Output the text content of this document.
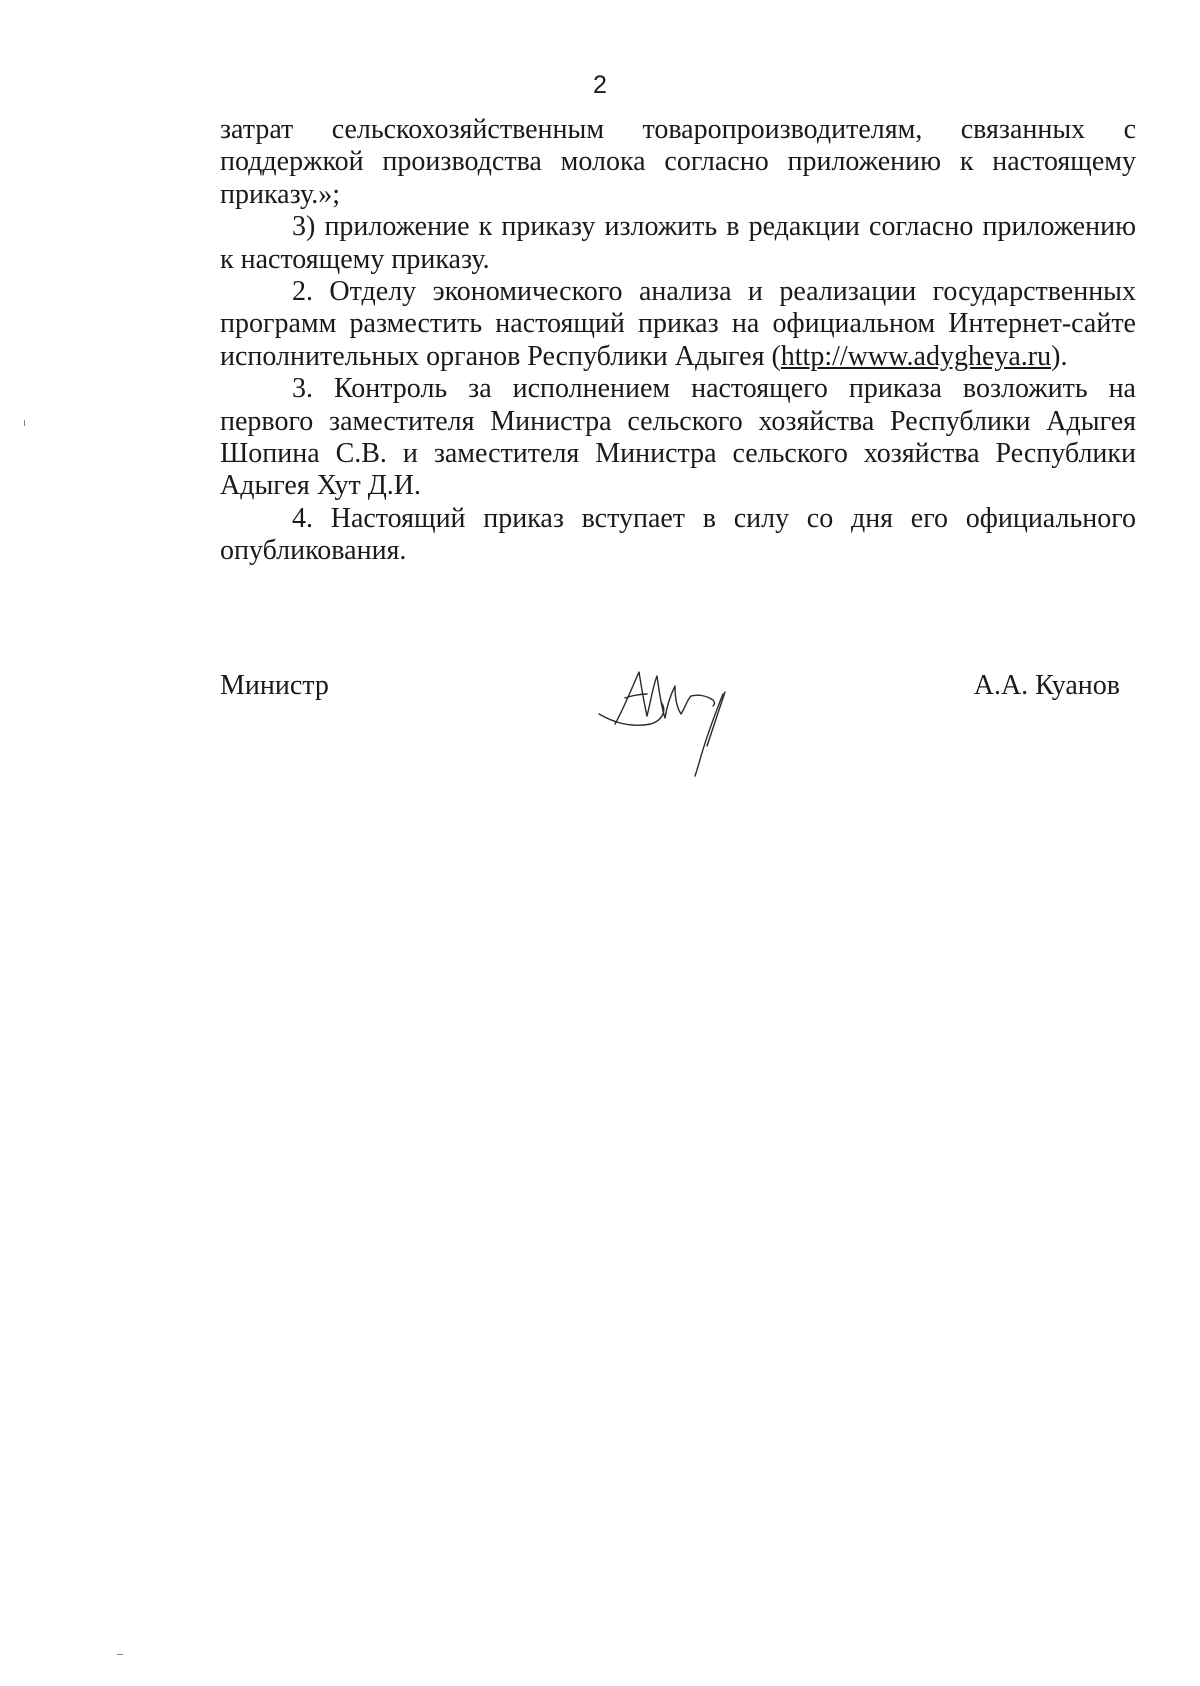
2

затрат сельскохозяйственным товаропроизводителям, связанных с поддержкой производства молока согласно приложению к настоящему приказу.»;

3) приложение к приказу изложить в редакции согласно приложению к настоящему приказу.

2. Отделу экономического анализа и реализации государственных программ разместить настоящий приказ на официальном Интернет-сайте исполнительных органов Республики Адыгея (http://www.adygheya.ru).

3. Контроль за исполнением настоящего приказа возложить на первого заместителя Министра сельского хозяйства Республики Адыгея Шопина С.В. и заместителя Министра сельского хозяйства Республики Адыгея Хут Д.И.

4. Настоящий приказ вступает в силу со дня его официального опубликования.

Министр	А.А. Куанов
